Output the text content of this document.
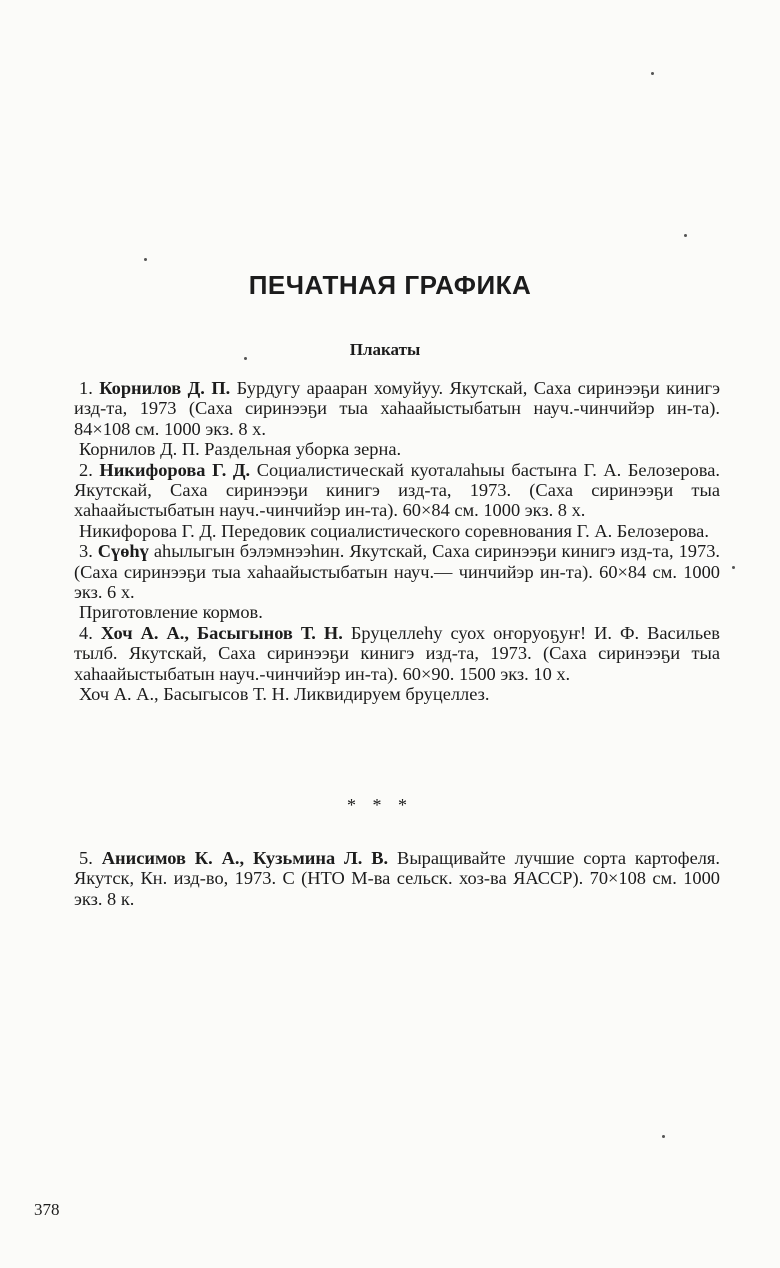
ПЕЧАТНАЯ ГРАФИКА
Плакаты

1. Корнилов Д. П. Бурдугу арааран хомуйуу. Якутскай, Саха сиринээҕи кинигэ изд-та, 1973 (Саха сиринээҕи тыа хаһаайыстыбатын науч.-чинчийэр ин-та). 84×108 см. 1000 экз. 8 х.

Корнилов Д. П. Раздельная уборка зерна.

2. Никифорова Г. Д. Социалистическай куоталаһыы бастыҥа Г. А. Белозерова. Якутскай, Саха сиринээҕи кинигэ изд-та, 1973. (Саха сиринээҕи тыа хаһаайыстыбатын науч.-чинчийэр ин-та). 60×84 см. 1000 экз. 8 х.

Никифорова Г. Д. Передовик социалистического соревнования Г. А. Белозерова.

3. Сүөһү аһылыгын бэлэмнээһин. Якутскай, Саха сиринээҕи кинигэ изд-та, 1973. (Саха сиринээҕи тыа хаһаайыстыбатын науч.— чинчийэр ин-та). 60×84 см. 1000 экз. 6 х.

Приготовление кормов.

4. Хоч А. А., Басыгынов Т. Н. Бруцеллеһу суох оҥоруоҕуҥ! И. Ф. Васильев тылб. Якутскай, Саха сиринээҕи кинигэ изд-та, 1973. (Саха сиринээҕи тыа хаһаайыстыбатын науч.-чинчийэр ин-та). 60×90. 1500 экз. 10 х.

Хоч А. А., Басыгысов Т. Н. Ликвидируем бруцеллез.

* * *

5. Анисимов К. А., Кузьмина Л. В. Выращивайте лучшие сорта картофеля. Якутск, Кн. изд-во, 1973. С (НТО М-ва сельск. хоз-ва ЯАССР). 70×108 см. 1000 экз. 8 к.

378
